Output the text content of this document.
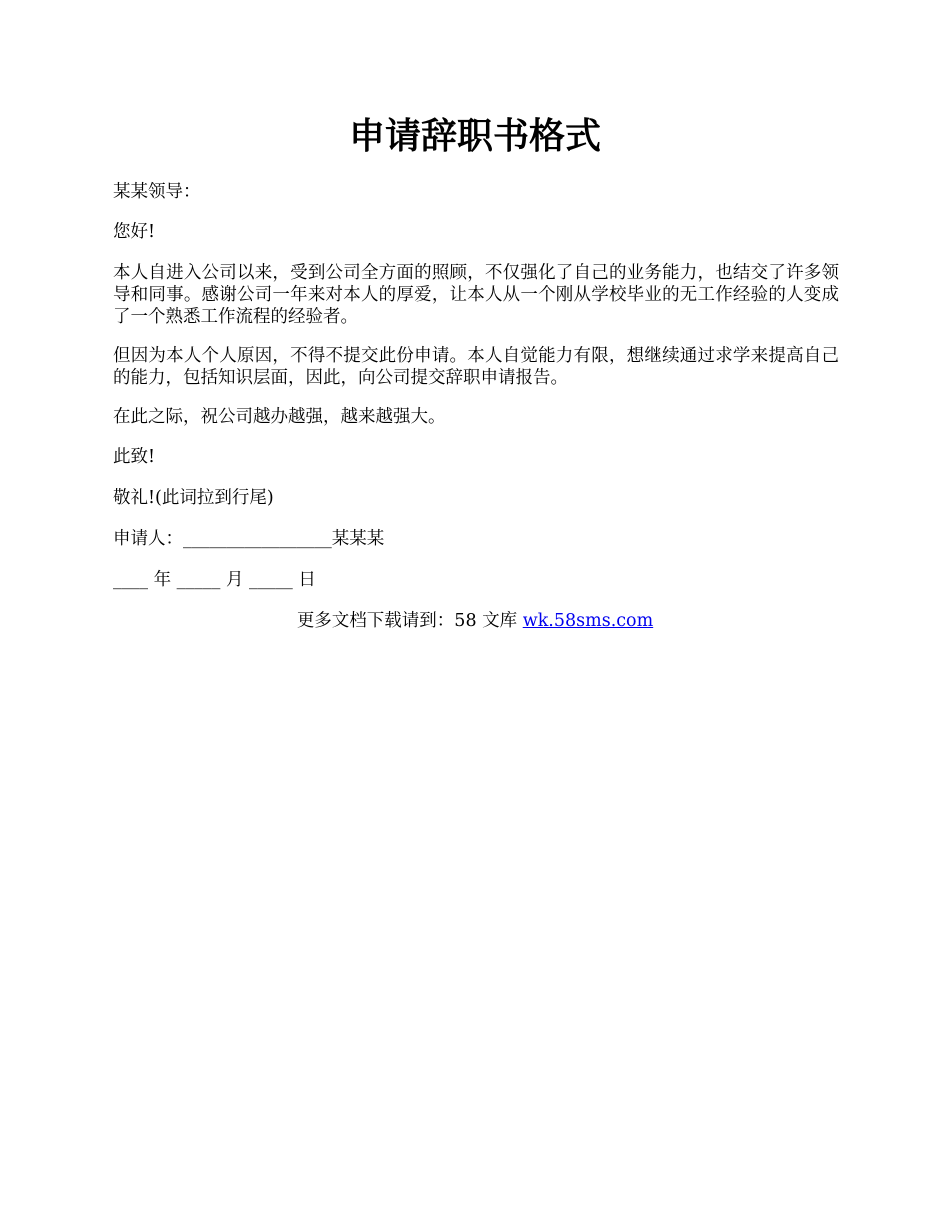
申请辞职书格式

某某领导：

您好!

本人自进入公司以来，受到公司全方面的照顾，不仅强化了自己的业务能力，也结交了许多领导和同事。感谢公司一年来对本人的厚爱，让本人从一个刚从学校毕业的无工作经验的人变成了一个熟悉工作流程的经验者。

但因为本人个人原因，不得不提交此份申请。本人自觉能力有限，想继续通过求学来提高自己的能力，包括知识层面，因此，向公司提交辞职申请报告。

在此之际，祝公司越办越强，越来越强大。

此致!

敬礼!(此词拉到行尾)

申请人：_________________某某某

____ 年 _____ 月 _____ 日

更多文档下载请到：58 文库 wk.58sms.com
